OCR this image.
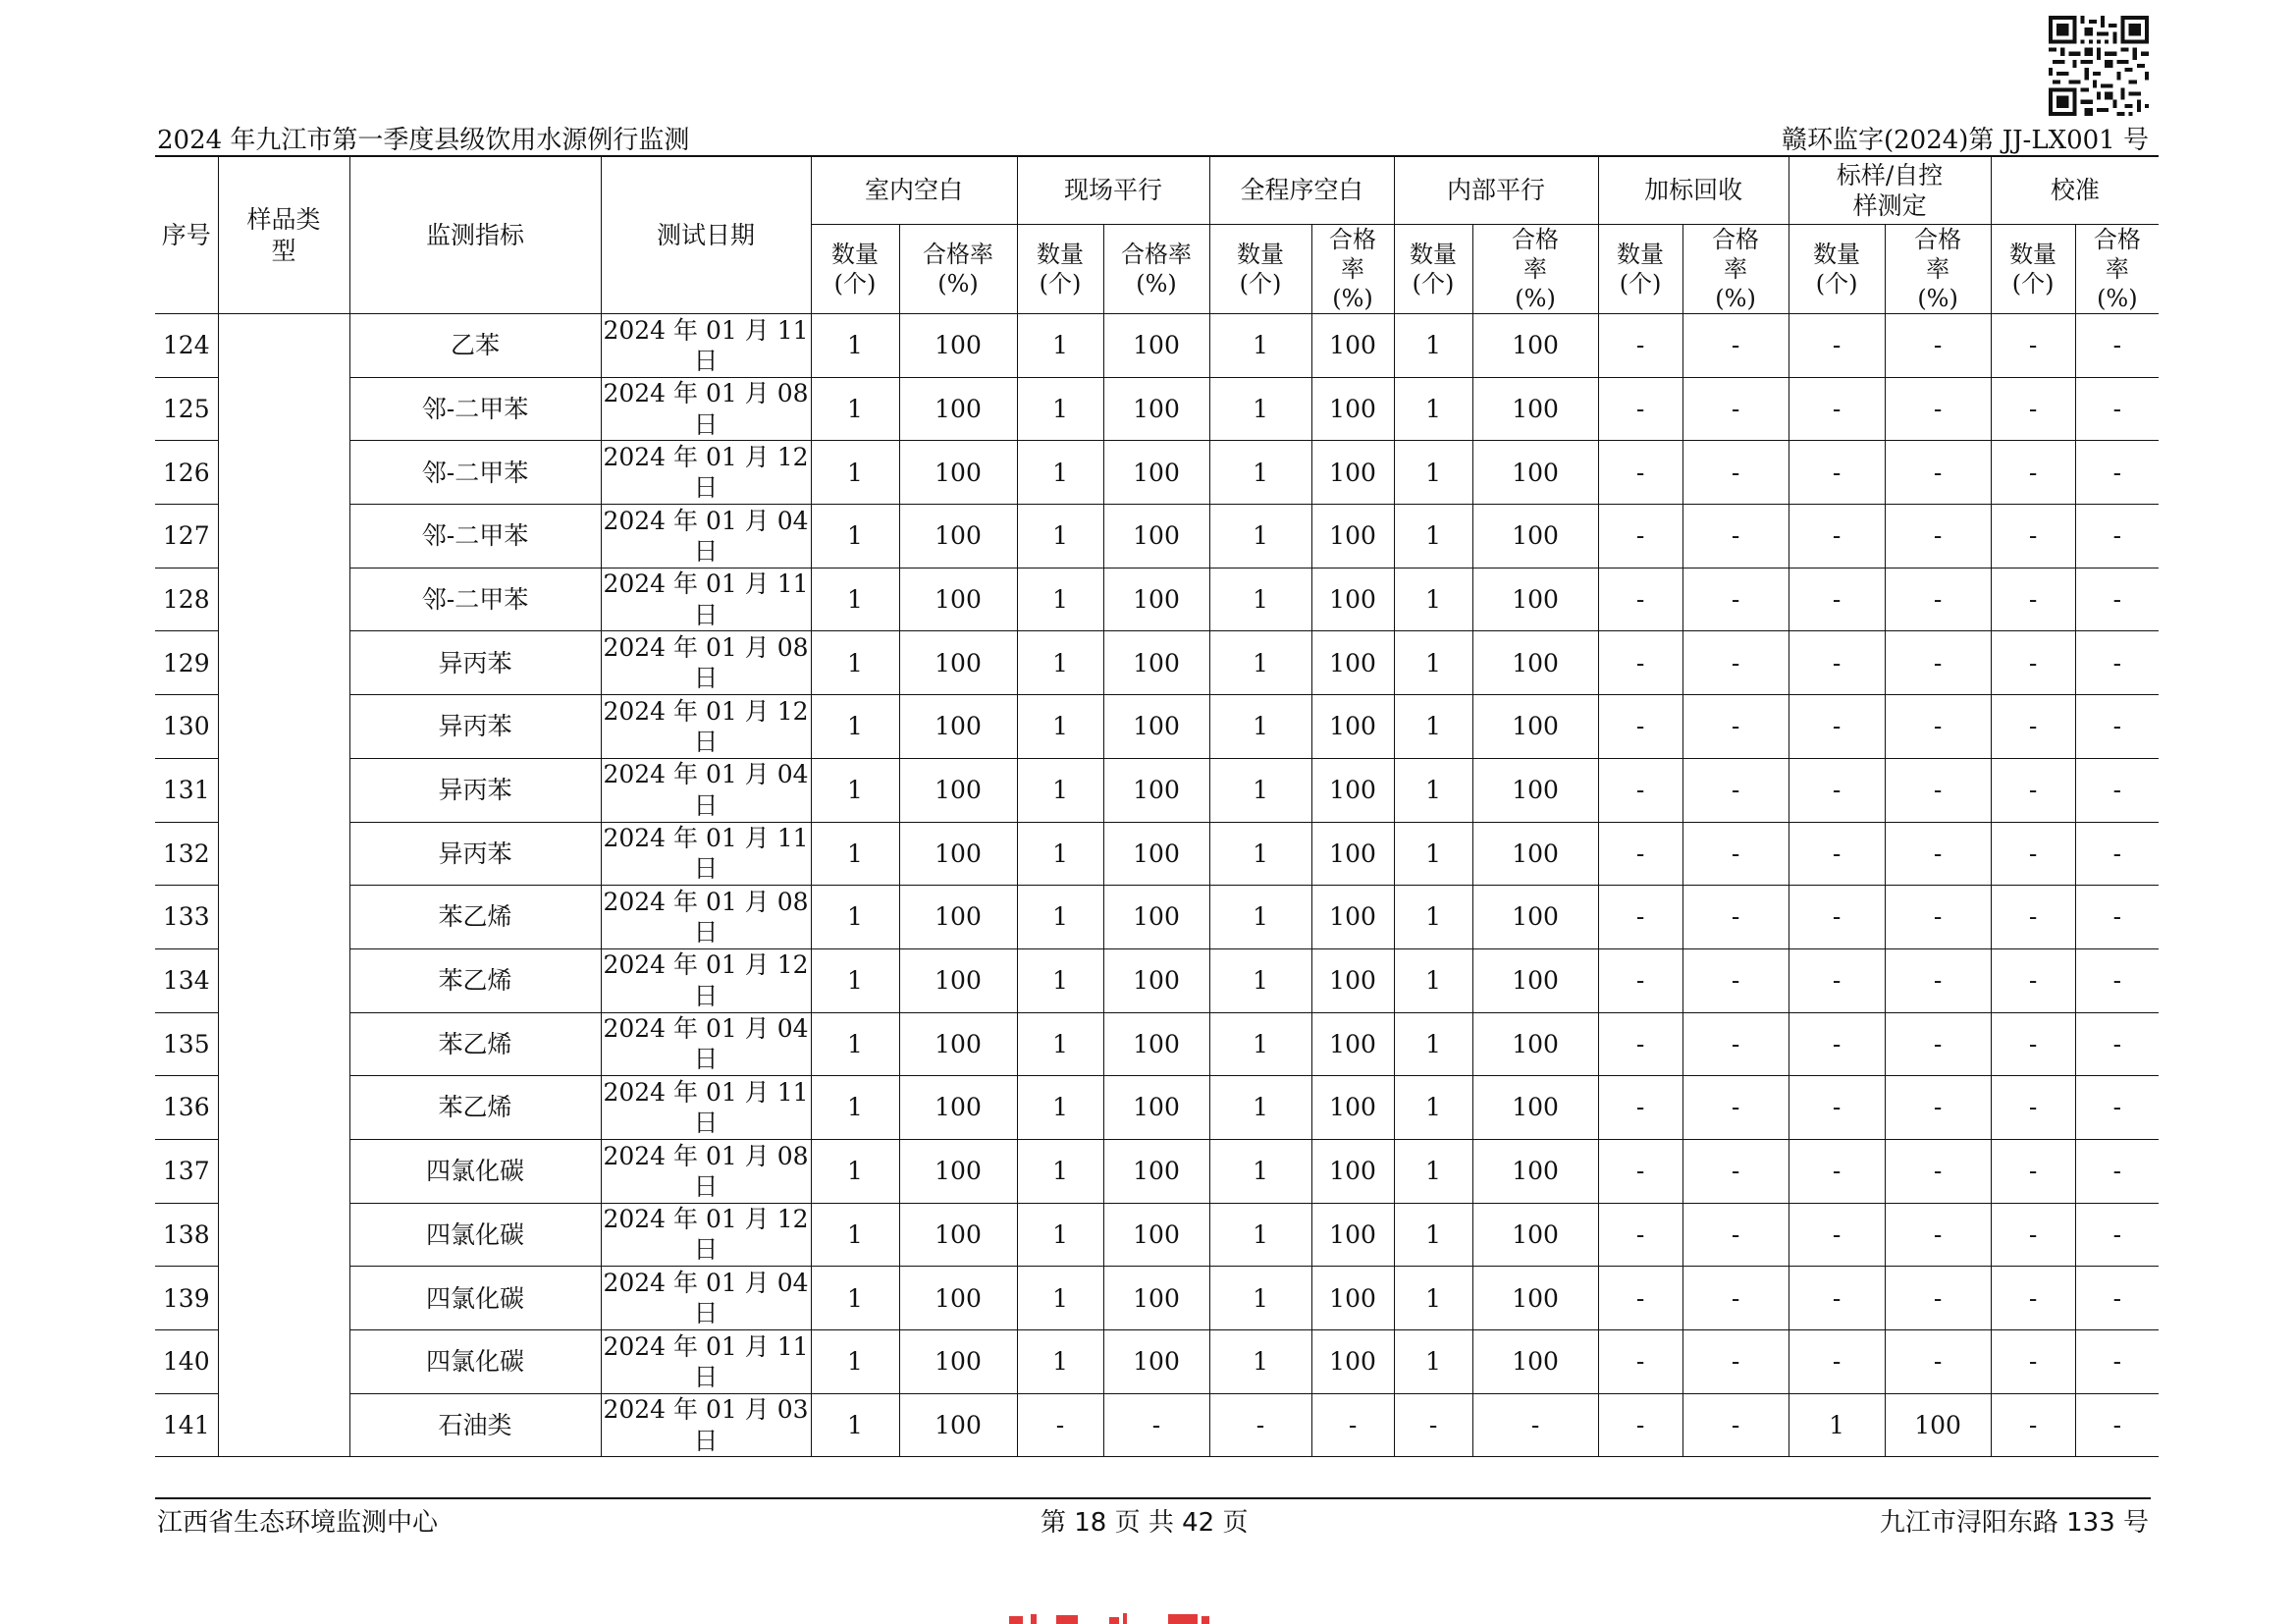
2024 年九江市第一季度县级饮用水源例行监测	赣环监字(2024)第 JJ-LX001 号
序号	样品类型	监测指标	测试日期	室内空白		现场平行		全程序空白		内部平行		加标回收		标样/自控样测定		校准	

				数量(个)	合格率(%)	数量(个)	合格率(%)	数量(个)	合格率(%)	数量(个)	合格率(%)	数量(个)	合格率(%)	数量(个)	合格率(%)	数量(个)	合格率(%)

124		乙苯	2024 年 01 月 11 日	1	100	1	100	1	100	1	100	-	-	-	-	-	-
125		邻-二甲苯	2024 年 01 月 08 日	1	100	1	100	1	100	1	100	-	-	-	-	-	-
126		邻-二甲苯	2024 年 01 月 12 日	1	100	1	100	1	100	1	100	-	-	-	-	-	-
127		邻-二甲苯	2024 年 01 月 04 日	1	100	1	100	1	100	1	100	-	-	-	-	-	-
128		邻-二甲苯	2024 年 01 月 11 日	1	100	1	100	1	100	1	100	-	-	-	-	-	-
129		异丙苯	2024 年 01 月 08 日	1	100	1	100	1	100	1	100	-	-	-	-	-	-
130		异丙苯	2024 年 01 月 12 日	1	100	1	100	1	100	1	100	-	-	-	-	-	-
131		异丙苯	2024 年 01 月 04 日	1	100	1	100	1	100	1	100	-	-	-	-	-	-
132		异丙苯	2024 年 01 月 11 日	1	100	1	100	1	100	1	100	-	-	-	-	-	-
133		苯乙烯	2024 年 01 月 08 日	1	100	1	100	1	100	1	100	-	-	-	-	-	-
134		苯乙烯	2024 年 01 月 12 日	1	100	1	100	1	100	1	100	-	-	-	-	-	-
135		苯乙烯	2024 年 01 月 04 日	1	100	1	100	1	100	1	100	-	-	-	-	-	-
136		苯乙烯	2024 年 01 月 11 日	1	100	1	100	1	100	1	100	-	-	-	-	-	-
137		四氯化碳	2024 年 01 月 08 日	1	100	1	100	1	100	1	100	-	-	-	-	-	-
138		四氯化碳	2024 年 01 月 12 日	1	100	1	100	1	100	1	100	-	-	-	-	-	-
139		四氯化碳	2024 年 01 月 04 日	1	100	1	100	1	100	1	100	-	-	-	-	-	-
140		四氯化碳	2024 年 01 月 11 日	1	100	1	100	1	100	1	100	-	-	-	-	-	-
141		石油类	2024 年 01 月 03 日	1	100	-	-	-	-	-	-	-	-	1	100	-	-
江西省生态环境监测中心	第 18 页 共 42 页	九江市浔阳东路 133 号
